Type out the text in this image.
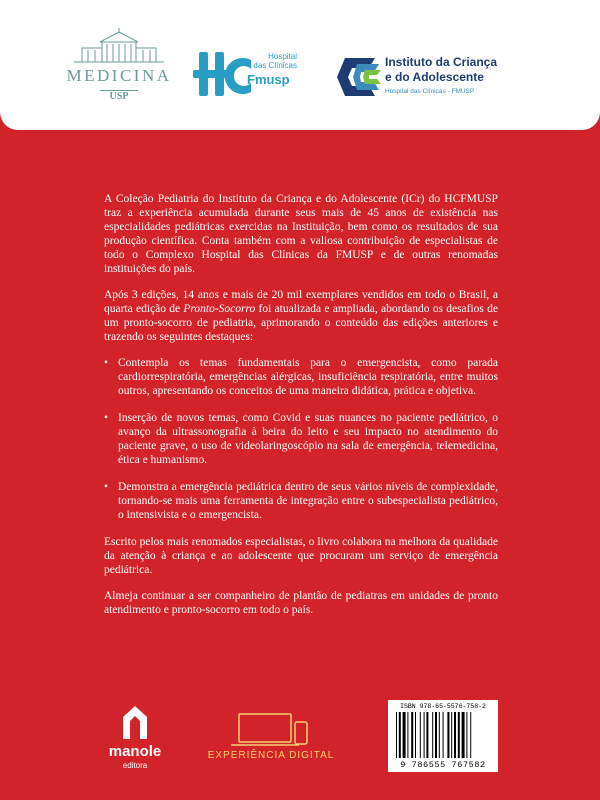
MEDICINA
USP
Hospital
das Clínicas
Fmusp
Instituto da Criança
e do Adolescente
Hospital das Clínicas - FMUSP

A Coleção Pediatria do Instituto da Criança e do Adolescente (ICr) do HCFMUSP traz a experiência acumulada durante seus mais de 45 anos de existência nas especialidades pediátricas exercidas na Instituição, bem como os resultados de sua produção científica. Conta também com a valiosa contribuição de especialistas de todo o Complexo Hospital das Clínicas da FMUSP e de outras renomadas instituições do país.

Após 3 edições, 14 anos e mais de 20 mil exemplares vendidos em todo o Brasil, a quarta edição de Pronto-Socorro foi atualizada e ampliada, abordando os desafios de um pronto-socorro de pediatria, aprimorando o conteúdo das edições anteriores e trazendo os seguintes destaques:

• Contempla os temas fundamentais para o emergencista, como parada cardiorrespiratória, emergências alérgicas, insuficiência respiratória, entre muitos outros, apresentando os conceitos de uma maneira didática, prática e objetiva.
• Inserção de novos temas, como Covid e suas nuances no paciente pediátrico, o avanço da ultrassonografia à beira do leito e seu impacto no atendimento do paciente grave, o uso de videolaringoscópio na sala de emergência, telemedicina, ética e humanismo.
• Demonstra a emergência pediátrica dentro de seus vários níveis de complexidade, tornando-se mais uma ferramenta de integração entre o subespecialista pediátrico, o intensivista e o emergencista.

Escrito pelos mais renomados especialistas, o livro colabora na melhora da qualidade da atenção à criança e ao adolescente que procuram um serviço de emergência pediátrica.

Almeja continuar a ser companheiro de plantão de pediatras em unidades de pronto atendimento e pronto-socorro em todo o país.

manole
editora
EXPERIÊNCIA DIGITAL
ISBN 978-65-5576-758-2
9 786555 767582
